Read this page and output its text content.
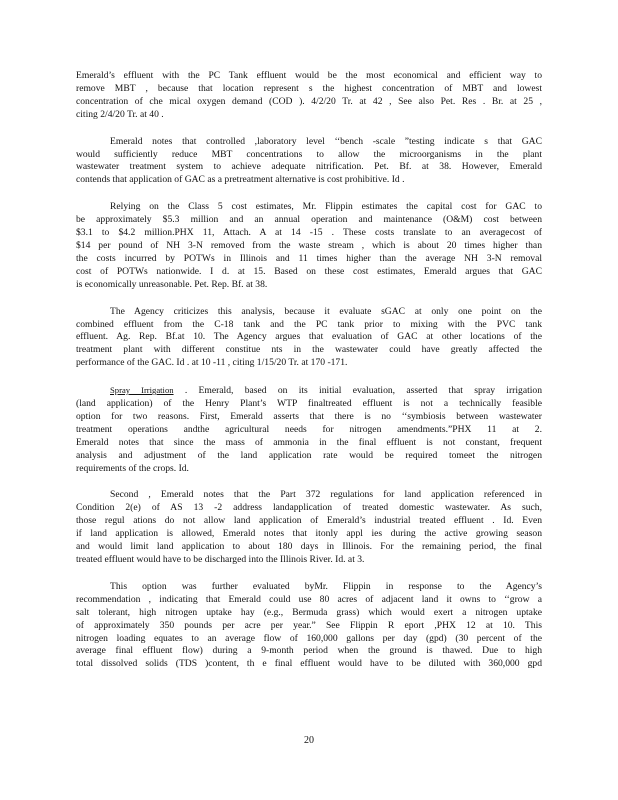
Emerald’s effluent with the PC Tank effluent would be the most economical and efficient way to
remove MBT , because that location represent s the highest concentration of MBT and lowest
concentration of che mical oxygen demand (COD ). 4/2/20 Tr. at 42 , See also Pet. Res . Br. at 25 ,
citing 2/4/20 Tr. at 40 .
Emerald notes that controlled ,laboratory level ‘‘bench -scale ”testing indicate s that GAC
would sufficiently reduce MBT concentrations to allow the microorganisms in the plant
wastewater treatment system to achieve adequate nitrification. Pet. Bf. at 38. However, Emerald
contends that application of GAC as a pretreatment alternative is cost prohibitive. Id .
Relying on the Class 5 cost estimates, Mr. Flippin estimates the capital cost for GAC to
be approximately $5.3 million and an annual operation and maintenance (O&M) cost between
$3.1 to $4.2 million.PHX 11, Attach. A at 14 -15 . These costs translate to an averagecost of
$14 per pound of NH 3-N removed from the waste stream , which is about 20 times higher than
the costs incurred by POTWs in Illinois and 11 times higher than the average NH 3-N removal
cost of POTWs nationwide. I d. at 15. Based on these cost estimates, Emerald argues that GAC
is economically unreasonable. Pet. Rep. Bf. at 38.
The Agency criticizes this analysis, because it evaluate sGAC at only one point on the
combined effluent from the C-18 tank and the PC tank prior to mixing with the PVC tank
effluent. Ag. Rep. Bf.at 10. The Agency argues that evaluation of GAC at other locations of the
treatment plant with different constitue nts in the wastewater could have greatly affected the
performance of the GAC. Id . at 10 -11 , citing 1/15/20 Tr. at 170 -171.
Spray Irrigation . Emerald, based on its initial evaluation, asserted that spray irrigation
(land application) of the Henry Plant’s WTP finaltreated effluent is not a technically feasible
option for two reasons. First, Emerald asserts that there is no ‘‘symbiosis between wastewater
treatment operations andthe agricultural needs for nitrogen amendments.”PHX 11 at 2.
Emerald notes that since the mass of ammonia in the final effluent is not constant, frequent
analysis and adjustment of the land application rate would be required tomeet the nitrogen
requirements of the crops. Id.
Second , Emerald notes that the Part 372 regulations for land application referenced in
Condition 2(e) of AS 13 -2 address landapplication of treated domestic wastewater. As such,
those regul ations do not allow land application of Emerald’s industrial treated effluent . Id. Even
if land application is allowed, Emerald notes that itonly appl ies during the active growing season
and would limit land application to about 180 days in Illinois. For the remaining period, the final
treated effluent would have to be discharged into the Illinois River. Id. at 3.
This option was further evaluated byMr. Flippin in response to the Agency’s
recommendation , indicating that Emerald could use 80 acres of adjacent land it owns to ‘‘grow a
salt tolerant, high nitrogen uptake hay (e.g., Bermuda grass) which would exert a nitrogen uptake
of approximately 350 pounds per acre per year.” See Flippin R eport ,PHX 12 at 10. This
nitrogen loading equates to an average flow of 160,000 gallons per day (gpd) (30 percent of the
average final effluent flow) during a 9-month period when the ground is thawed. Due to high
total dissolved solids (TDS )content, th e final effluent would have to be diluted with 360,000 gpd
20
